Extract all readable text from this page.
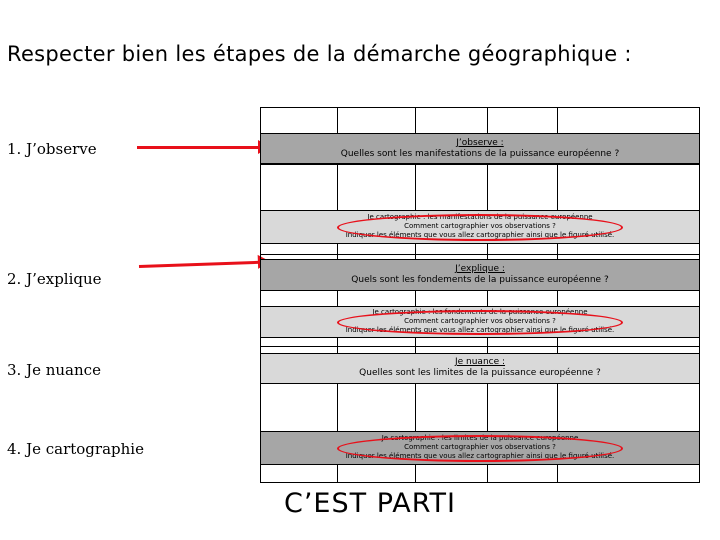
Respecter bien les étapes de la démarche géographique :
1. J’observe
2. J’explique
3. Je nuance
4. Je cartographie
J’observe :
Quelles sont les manifestations de la puissance européenne ?
Je cartographie : les manifestations de la puissance européenne
Comment cartographier vos observations ?
Indiquer les éléments que vous allez cartographier ainsi que le figuré utilisé.
J’explique :
Quels sont les fondements de la puissance européenne ?
Je cartographie : les fondements de la puissance européenne
Comment cartographier vos observations ?
Indiquer les éléments que vous allez cartographier ainsi que le figuré utilisé.
Je nuance :
Quelles sont les limites de la puissance européenne ?
Je cartographie : les limites de la puissance européenne
Comment cartographier vos observations ?
Indiquer les éléments que vous allez cartographier ainsi que le figuré utilisé.
C’EST PARTI
